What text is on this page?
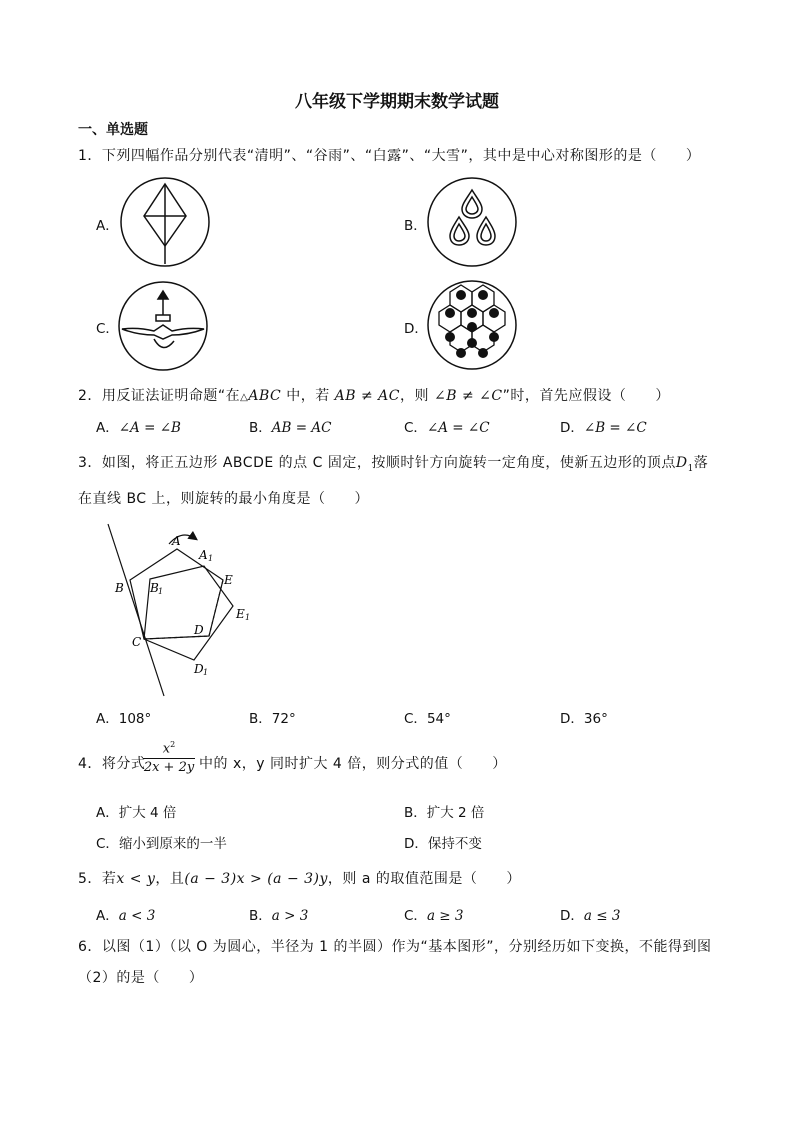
八年级下学期期末数学试题
一、单选题
1．下列四幅作品分别代表“清明”、“谷雨”、“白露”、“大雪”，其中是中心对称图形的是（　　）
A．	B．
C．	D．
2．用反证法证明命题“在△ABC 中，若 AB ≠ AC，则 ∠B ≠ ∠C”时，首先应假设（　　）
A．∠A = ∠B	B．AB = AC	C．∠A = ∠C	D．∠B = ∠C
3．如图，将正五边形 ABCDE 的点 C 固定，按顺时针方向旋转一定角度，使新五边形的顶点$D_1$落
在直线 BC 上，则旋转的最小角度是（　　）
A
A 1
B B 1
C
D
D 1
E
E 1
A．108°	B．72°	C．54°	D．36°
4．将分式
$x^2$
2x + 2y 中的 x，y 同时扩大 4 倍，则分式的值（　　）
A．扩大 4 倍	B．扩大 2 倍
C．缩小到原来的一半	D．保持不变
5．若x < y，且(a − 3)x > (a − 3)y，则 a 的取值范围是（　　）
A．a < 3	B．a > 3	C．a ≥ 3	D．a ≤ 3
6．以图（1）（以 O 为圆心，半径为 1 的半圆）作为“基本图形”，分别经历如下变换，不能得到图
（2）的是（　　）
